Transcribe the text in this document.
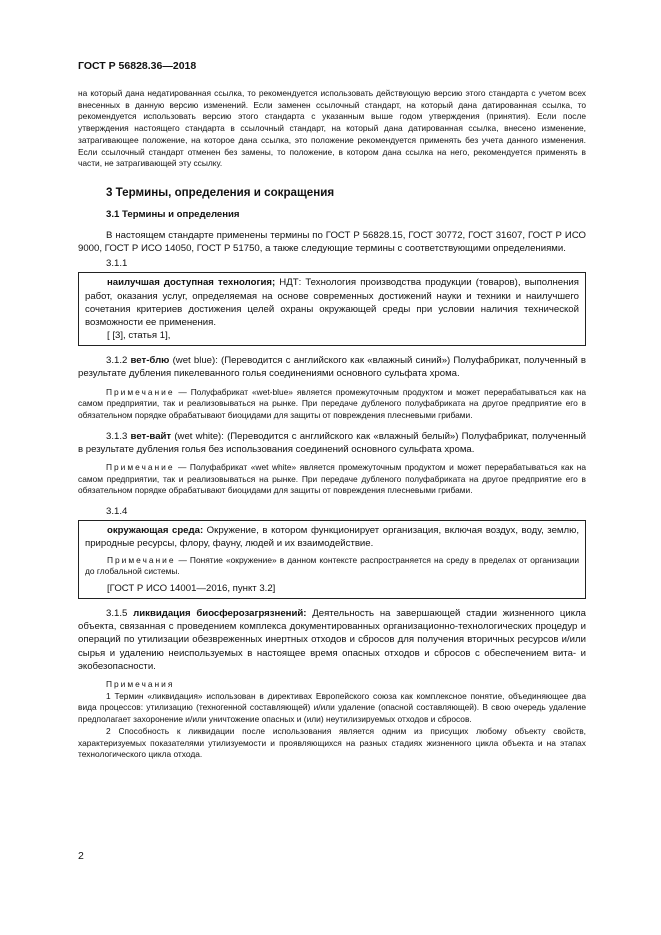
ГОСТ Р 56828.36—2018

на который дана недатированная ссылка, то рекомендуется использовать действующую версию этого стандарта с учетом всех внесенных в данную версию изменений. Если заменен ссылочный стандарт, на который дана датированная ссылка, то рекомендуется использовать версию этого стандарта с указанным выше годом утверждения (принятия). Если после утверждения настоящего стандарта в ссылочный стандарт, на который дана датированная ссылка, внесено изменение, затрагивающее положение, на которое дана ссылка, это положение рекомендуется применять без учета данного изменения. Если ссылочный стандарт отменен без замены, то положение, в котором дана ссылка на него, рекомендуется применять в части, не затрагивающей эту ссылку.

3 Термины, определения и сокращения
3.1 Термины и определения

В настоящем стандарте применены термины по ГОСТ Р 56828.15, ГОСТ 30772, ГОСТ 31607, ГОСТ Р ИСО 9000, ГОСТ Р ИСО 14050, ГОСТ Р 51750, а также следующие термины с соответствующими определениями.

3.1.1

наилучшая доступная технология; НДТ: Технология производства продукции (товаров), выполнения работ, оказания услуг, определяемая на основе современных достижений науки и техники и наилучшего сочетания критериев достижения целей охраны окружающей среды при условии наличия технической возможности ее применения.

[ [3], статья 1],

3.1.2 вет-блю (wet blue): (Переводится с английского как «влажный синий») Полуфабрикат, полученный в результате дубления пикелеванного голья соединениями основного сульфата хрома.

Примечание — Полуфабрикат «wet-blue» является промежуточным продуктом и может перерабатываться как на самом предприятии, так и реализовываться на рынке. При передаче дубленого полуфабриката на другое предприятие его в обязательном порядке обрабатывают биоцидами для защиты от повреждения плесневыми грибами.

3.1.3 вет-вайт (wet white): (Переводится с английского как «влажный белый») Полуфабрикат, полученный в результате дубления голья без использования соединений основного сульфата хрома.

Примечание — Полуфабрикат «wet white» является промежуточным продуктом и может перерабатываться как на самом предприятии, так и реализовываться на рынке. При передаче дубленого полуфабриката на другое предприятие его в обязательном порядке обрабатывают биоцидами для защиты от повреждения плесневыми грибами.

3.1.4

окружающая среда: Окружение, в котором функционирует организация, включая воздух, воду, землю, природные ресурсы, флору, фауну, людей и их взаимодействие.

Примечание — Понятие «окружение» в данном контексте распространяется на среду в пределах от организации до глобальной системы.

[ГОСТ Р ИСО 14001—2016, пункт 3.2]

3.1.5 ликвидация биосферозагрязнений: Деятельность на завершающей стадии жизненного цикла объекта, связанная с проведением комплекса документированных организационно-технологических процедур и операций по утилизации обезвреженных инертных отходов и сбросов для получения вторичных ресурсов и/или сырья и удалению неиспользуемых в настоящее время опасных отходов и сбросов с обеспечением вита- и экобезопасности.

Примечания

1 Термин «ликвидация» использован в директивах Европейского союза как комплексное понятие, объединяющее два вида процессов: утилизацию (техногенной составляющей) и/или удаление (опасной составляющей). В свою очередь удаление предполагает захоронение и/или уничтожение опасных и (или) неутилизируемых отходов и сбросов.

2 Способность к ликвидации после использования является одним из присущих любому объекту свойств, характеризуемых показателями утилизуемости и проявляющихся на разных стадиях жизненного цикла объекта и на этапах технологического цикла отхода.

2
